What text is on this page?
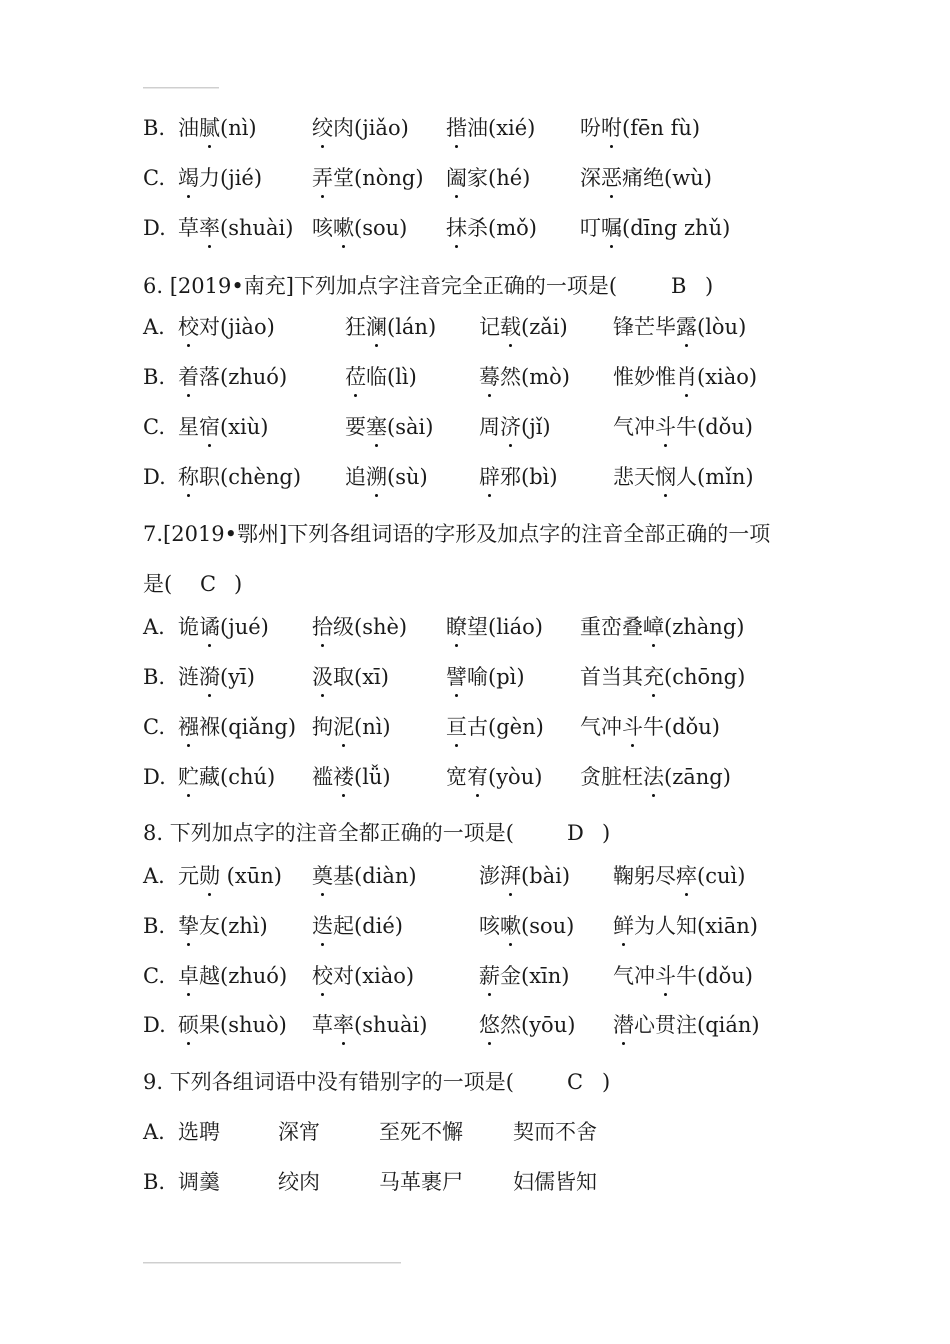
B. 油腻(nì)	绞肉(jiǎo) 揩油(xié) 吩咐(fēn fù)
C. 竭力(jié) 弄堂(nòng) 阖家(hé) 深恶痛绝(wù)
D. 草率(shuài) 咳嗽(sou) 抹杀(mǒ) 叮嘱(dīng zhǔ)
6. [2019•南充]下列加点字注音完全正确的一项是(	B )
A. 校对(jiào)	狂澜(lán) 记载(zǎi) 锋芒毕露(lòu)
B. 着落(zhuó)	莅临(lì)	蓦然(mò) 惟妙惟肖(xiào)
C. 星宿(xiù)	要塞(sài) 周济(jǐ)	气冲斗牛(dǒu)
D. 称职(chèng) 追溯(sù) 辟邪(bì)	悲天悯人(mǐn)
7.[2019•鄂州]下列各组词语的字形及加点字的注音全部正确的一项
是( C )
A. 诡谲(jué) 拾级(shè) 瞭望(liáo) 重峦叠嶂(zhàng)
B. 涟漪(yī)	汲取(xī)	譬喻(pì)	首当其充(chōng)
C. 襁褓(qiǎng) 拘泥(nì)	亘古(gèn) 气冲斗牛(dǒu)
D. 贮藏(chú) 褴褛(lǚ)	宽宥(yòu) 贪脏枉法(zāng)
8. 下列加点字的注音全都正确的一项是(	D )
A. 元勋 (xūn) 奠基(diàn)	澎湃(bài) 鞠躬尽瘁(cuì)
B. 挚友(zhì) 迭起(dié)	咳嗽(sou) 鲜为人知(xiān)
C. 卓越(zhuó) 校对(xiào)	薪金(xīn) 气冲斗牛(dǒu)
D. 硕果(shuò) 草率(shuài) 悠然(yōu) 潜心贯注(qián)
9. 下列各组词语中没有错别字的一项是(	C )
A. 选聘	深宵	至死不懈 契而不舍
B. 调羹	绞肉	马革裹尸 妇儒皆知
